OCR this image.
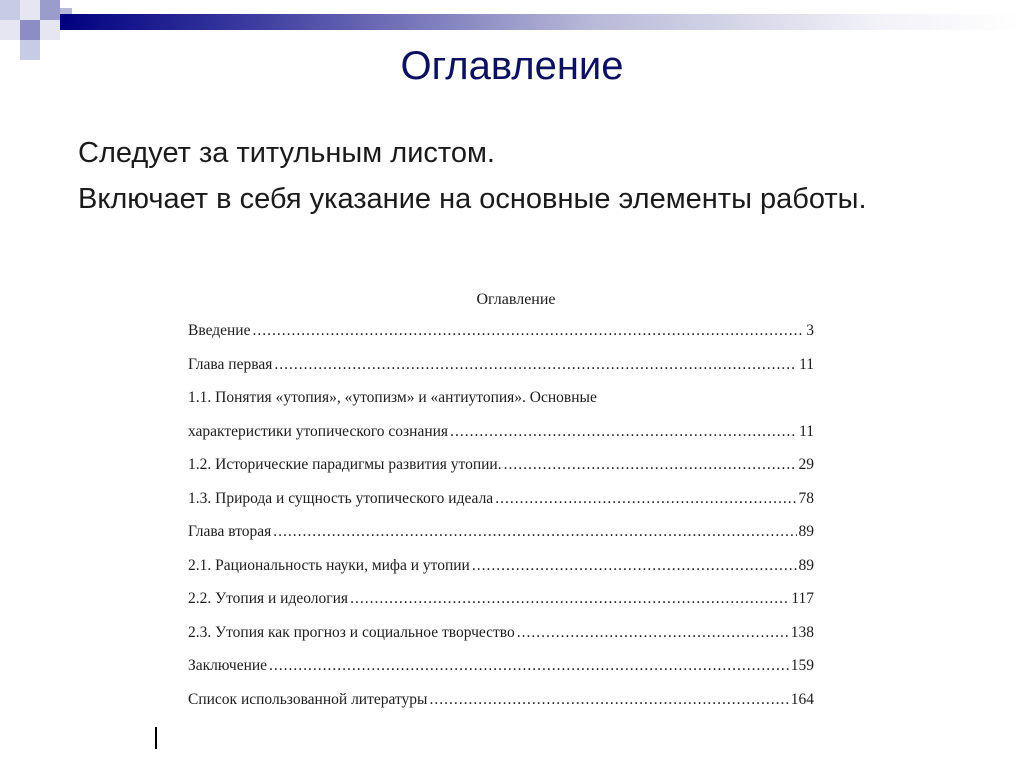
Оглавление

Следует за титульным листом.

Включает в себя указание на основные элементы работы.

Оглавление
Введение .....	3
Глава первая .....	11
1.1. Понятия «утопия», «утопизм» и «антиутопия». Основные
характеристики утопического сознания .....	11
1.2. Исторические парадигмы развития утопии. .....	29
1.3. Природа и сущность утопического идеала .....	78
Глава вторая .....	89
2.1. Рациональность науки, мифа и утопии .....	89
2.2. Утопия и идеология .....	117
2.3. Утопия как прогноз и социальное творчество .....	138
Заключение .....	159
Список использованной литературы .....	164
